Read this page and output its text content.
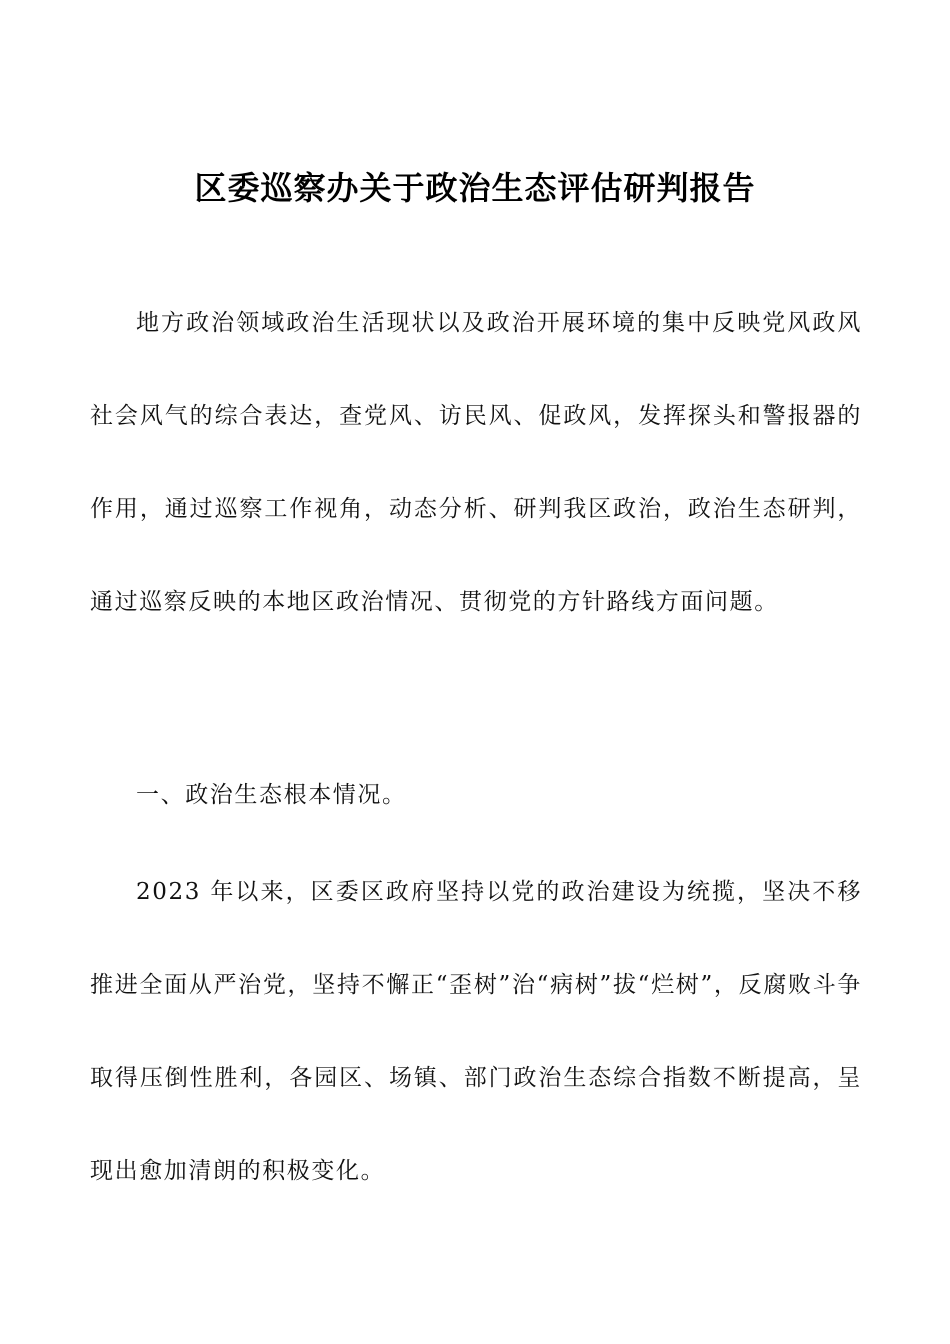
区委巡察办关于政治生态评估研判报告

地方政治领域政治生活现状以及政治开展环境的集中反映党风政风社会风气的综合表达，查党风、访民风、促政风，发挥探头和警报器的作用，通过巡察工作视角，动态分析、研判我区政治，政治生态研判，通过巡察反映的本地区政治情况、贯彻党的方针路线方面问题。

一、政治生态根本情况。

2023 年以来，区委区政府坚持以党的政治建设为统揽，坚决不移推进全面从严治党，坚持不懈正“歪树”治“病树”拔“烂树”，反腐败斗争取得压倒性胜利，各园区、场镇、部门政治生态综合指数不断提高，呈现出愈加清朗的积极变化。
